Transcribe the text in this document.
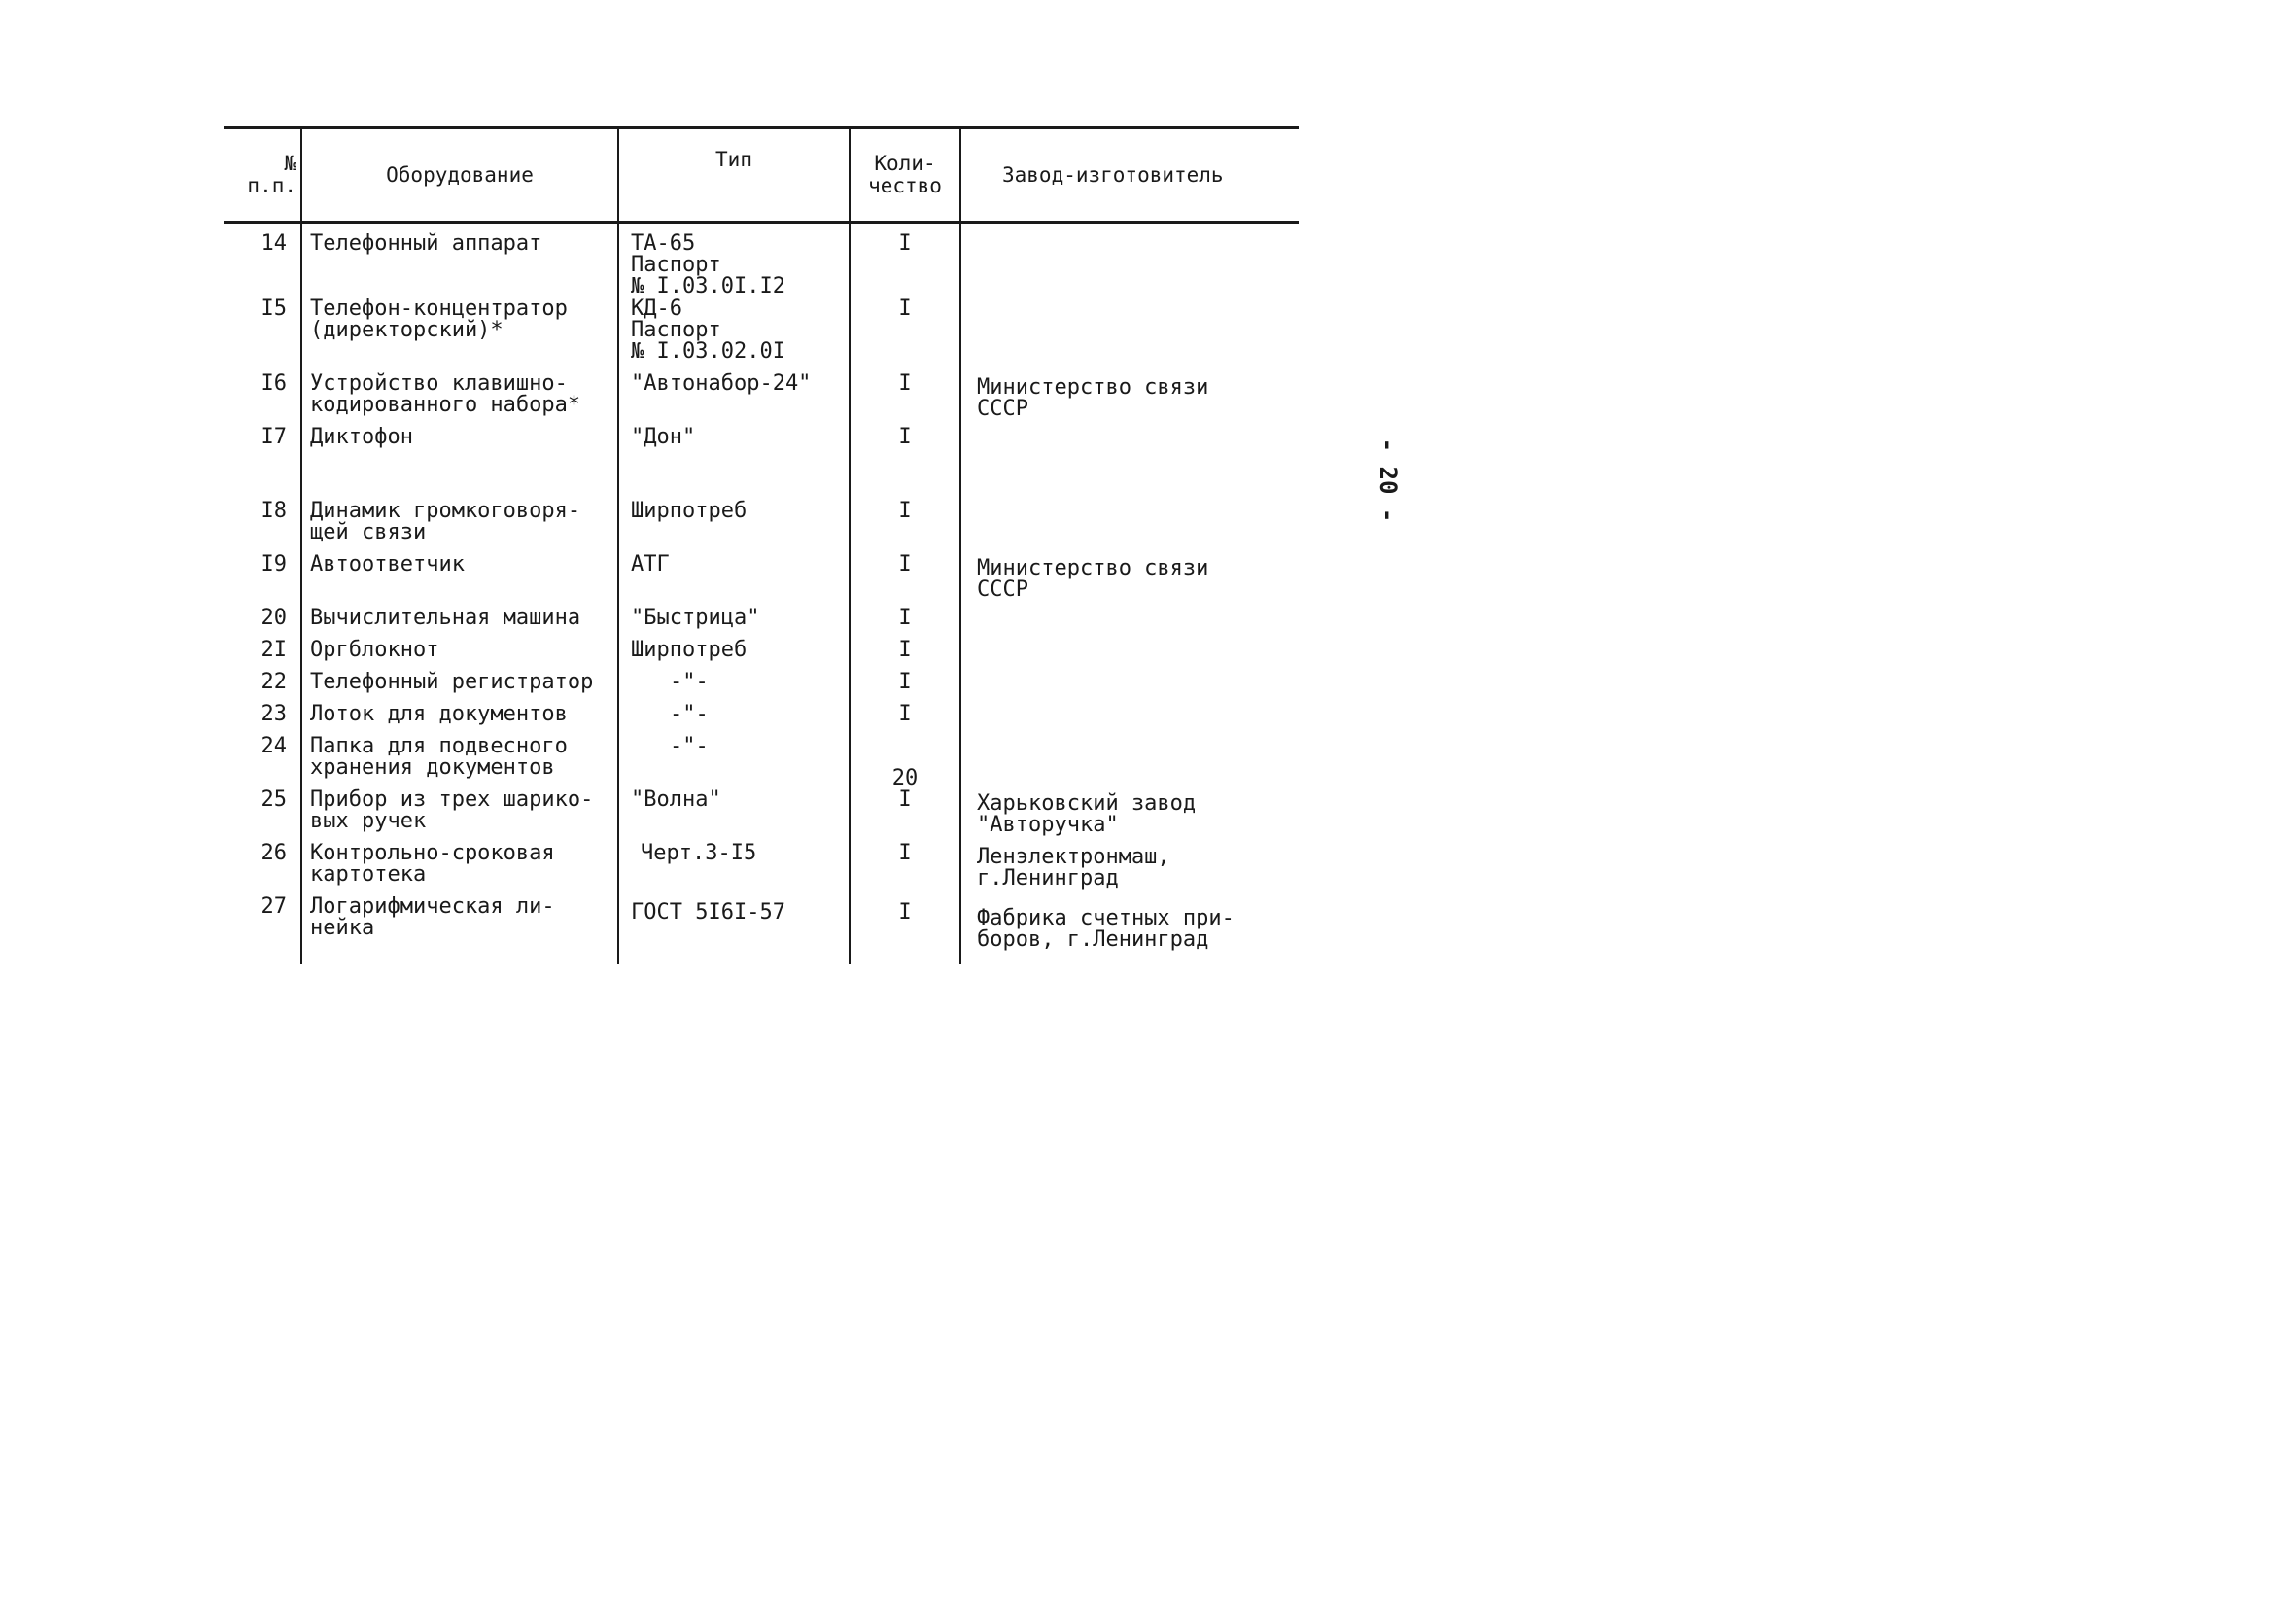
№
п.п.	Оборудование	Тип	Коли-
чество	Завод-изготовитель
14	Телефонный аппарат	ТА-65
Паспорт
№ I.03.0I.I2	I	
I5	Телефон-концентратор
(директорский)*	КД-6
Паспорт
№ I.03.02.0I	I	
I6	Устройство клавишно-
кодированного набора*	"Автонабор-24"	I	Министерство связи
СССР
I7	Диктофон	"Дон"	I	
I8	Динамик громкоговоря-
щей связи	Ширпотреб	I	
I9	Автоответчик	АТГ	I	Министерство связи
СССР
20	Вычислительная машина	"Быстрица"	I	
2I	Оргблокнот	Ширпотреб	I	
22	Телефонный регистратор	-"-	I	
23	Лоток для документов	-"-	I	
24	Папка для подвесного
хранения документов	-"-	20	
25	Прибор из трех шарико-
вых ручек	"Волна"	I	Харьковский завод
"Авторучка"
26	Контрольно-сроковая
картотека	Черт.3-I5	I	Ленэлектронмаш,
г.Ленинград
27	Логарифмическая ли-
нейка	ГОСТ 5I6I-57	I	Фабрика счетных при-
боров, г.Ленинград
- 20 -
